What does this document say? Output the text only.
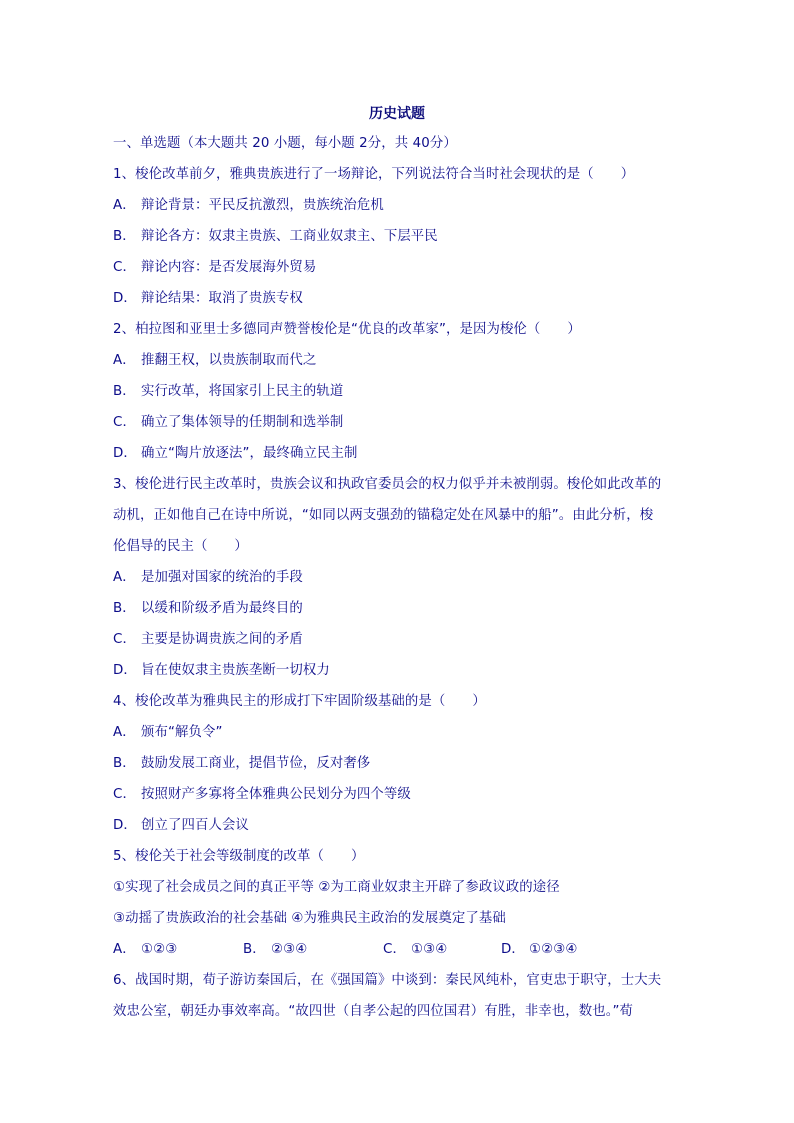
历史试题
一、单选题（本大题共 20 小题，每小题 2分，共 40分）
1、梭伦改革前夕，雅典贵族进行了一场辩论，下列说法符合当时社会现状的是（　　）
A． 辩论背景：平民反抗激烈，贵族统治危机
B． 辩论各方：奴隶主贵族、工商业奴隶主、下层平民
C． 辩论内容：是否发展海外贸易
D． 辩论结果：取消了贵族专权
2、柏拉图和亚里士多德同声赞誉梭伦是“优良的改革家”，是因为梭伦（　　）
A． 推翻王权，以贵族制取而代之
B． 实行改革，将国家引上民主的轨道
C． 确立了集体领导的任期制和选举制
D． 确立“陶片放逐法”，最终确立民主制
3、梭伦进行民主改革时，贵族会议和执政官委员会的权力似乎并未被削弱。梭伦如此改革的
动机，正如他自己在诗中所说，“如同以两支强劲的锚稳定处在风暴中的船”。由此分析，梭
伦倡导的民主（　　）
A． 是加强对国家的统治的手段
B． 以缓和阶级矛盾为最终目的
C． 主要是协调贵族之间的矛盾
D． 旨在使奴隶主贵族垄断一切权力
4、梭伦改革为雅典民主的形成打下牢固阶级基础的是（　　）
A． 颁布“解负令”
B． 鼓励发展工商业，提倡节俭，反对奢侈
C． 按照财产多寡将全体雅典公民划分为四个等级
D． 创立了四百人会议
5、梭伦关于社会等级制度的改革（　　）
①实现了社会成员之间的真正平等 ②为工商业奴隶主开辟了参政议政的途径
③动摇了贵族政治的社会基础 ④为雅典民主政治的发展奠定了基础
A． ①②③	B． ②③④	C． ①③④	D． ①②③④
6、战国时期，荀子游访秦国后，在《强国篇》中谈到：秦民风纯朴，官吏忠于职守，士大夫
效忠公室，朝廷办事效率高。“故四世（自孝公起的四位国君）有胜，非幸也，数也。”荀
